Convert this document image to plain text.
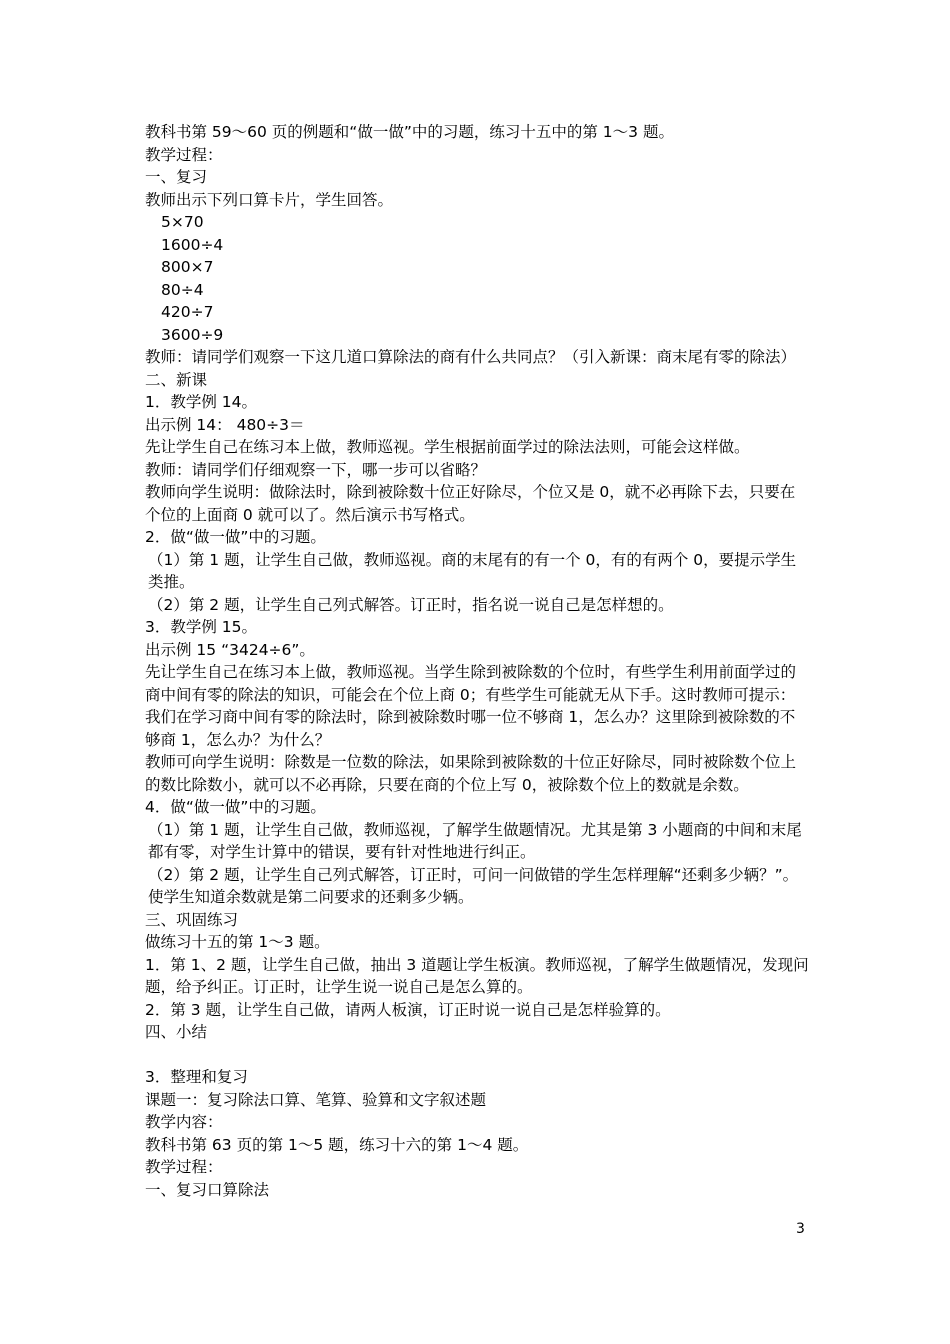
教科书第 59～60 页的例题和“做一做”中的习题，练习十五中的第 1～3 题。

教学过程：

一、复习

教师出示下列口算卡片，学生回答。

5×70

1600÷4

800×7

80÷4

420÷7

3600÷9

教师：请同学们观察一下这几道口算除法的商有什么共同点？（引入新课：商末尾有零的除法）

二、新课

1．教学例 14。

出示例 14： 480÷3＝

先让学生自己在练习本上做，教师巡视。学生根据前面学过的除法法则，可能会这样做。

教师：请同学们仔细观察一下，哪一步可以省略？

教师向学生说明：做除法时，除到被除数十位正好除尽，个位又是 0，就不必再除下去，只要在个位的上面商 0 就可以了。然后演示书写格式。

2．做“做一做”中的习题。

（1）第 1 题，让学生自己做，教师巡视。商的末尾有的有一个 0，有的有两个 0，要提示学生类推。

（2）第 2 题，让学生自己列式解答。订正时，指名说一说自己是怎样想的。

3．教学例 15。

出示例 15 “3424÷6”。

先让学生自己在练习本上做，教师巡视。当学生除到被除数的个位时，有些学生利用前面学过的商中间有零的除法的知识，可能会在个位上商 0；有些学生可能就无从下手。这时教师可提示：我们在学习商中间有零的除法时，除到被除数时哪一位不够商 1，怎么办？这里除到被除数的不够商 1，怎么办？为什么？

教师可向学生说明：除数是一位数的除法，如果除到被除数的十位正好除尽，同时被除数个位上的数比除数小，就可以不必再除，只要在商的个位上写 0，被除数个位上的数就是余数。

4．做“做一做”中的习题。

（1）第 1 题，让学生自己做，教师巡视，了解学生做题情况。尤其是第 3 小题商的中间和末尾都有零，对学生计算中的错误，要有针对性地进行纠正。

（2）第 2 题，让学生自己列式解答，订正时，可问一问做错的学生怎样理解“还剩多少辆？”。使学生知道余数就是第二问要求的还剩多少辆。

三、巩固练习

做练习十五的第 1～3 题。

1．第 1、2 题，让学生自己做，抽出 3 道题让学生板演。教师巡视，了解学生做题情况，发现问题，给予纠正。订正时，让学生说一说自己是怎么算的。

2．第 3 题，让学生自己做，请两人板演，订正时说一说自己是怎样验算的。

四、小结

3．整理和复习

课题一：复习除法口算、笔算、验算和文字叙述题

教学内容：

教科书第 63 页的第 1～5 题，练习十六的第 1～4 题。

教学过程：

一、复习口算除法

3
